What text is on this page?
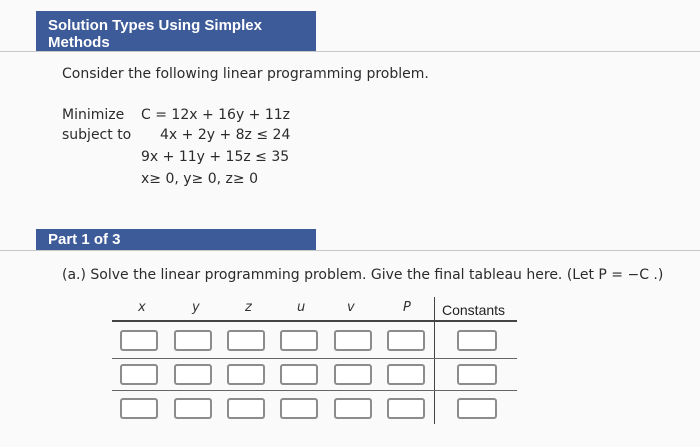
Solution Types Using Simplex
Methods
Consider the following linear programming problem.
Minimize C = 12x + 16y + 11z
subject to 4x + 2y + 8z ≤ 24
9x + 11y + 15z ≤ 35
x≥ 0, y≥ 0, z≥ 0
Part 1 of 3
(a.) Solve the linear programming problem. Give the final tableau here. (Let P = −C .)
x	y	z	u	v	P Constants
